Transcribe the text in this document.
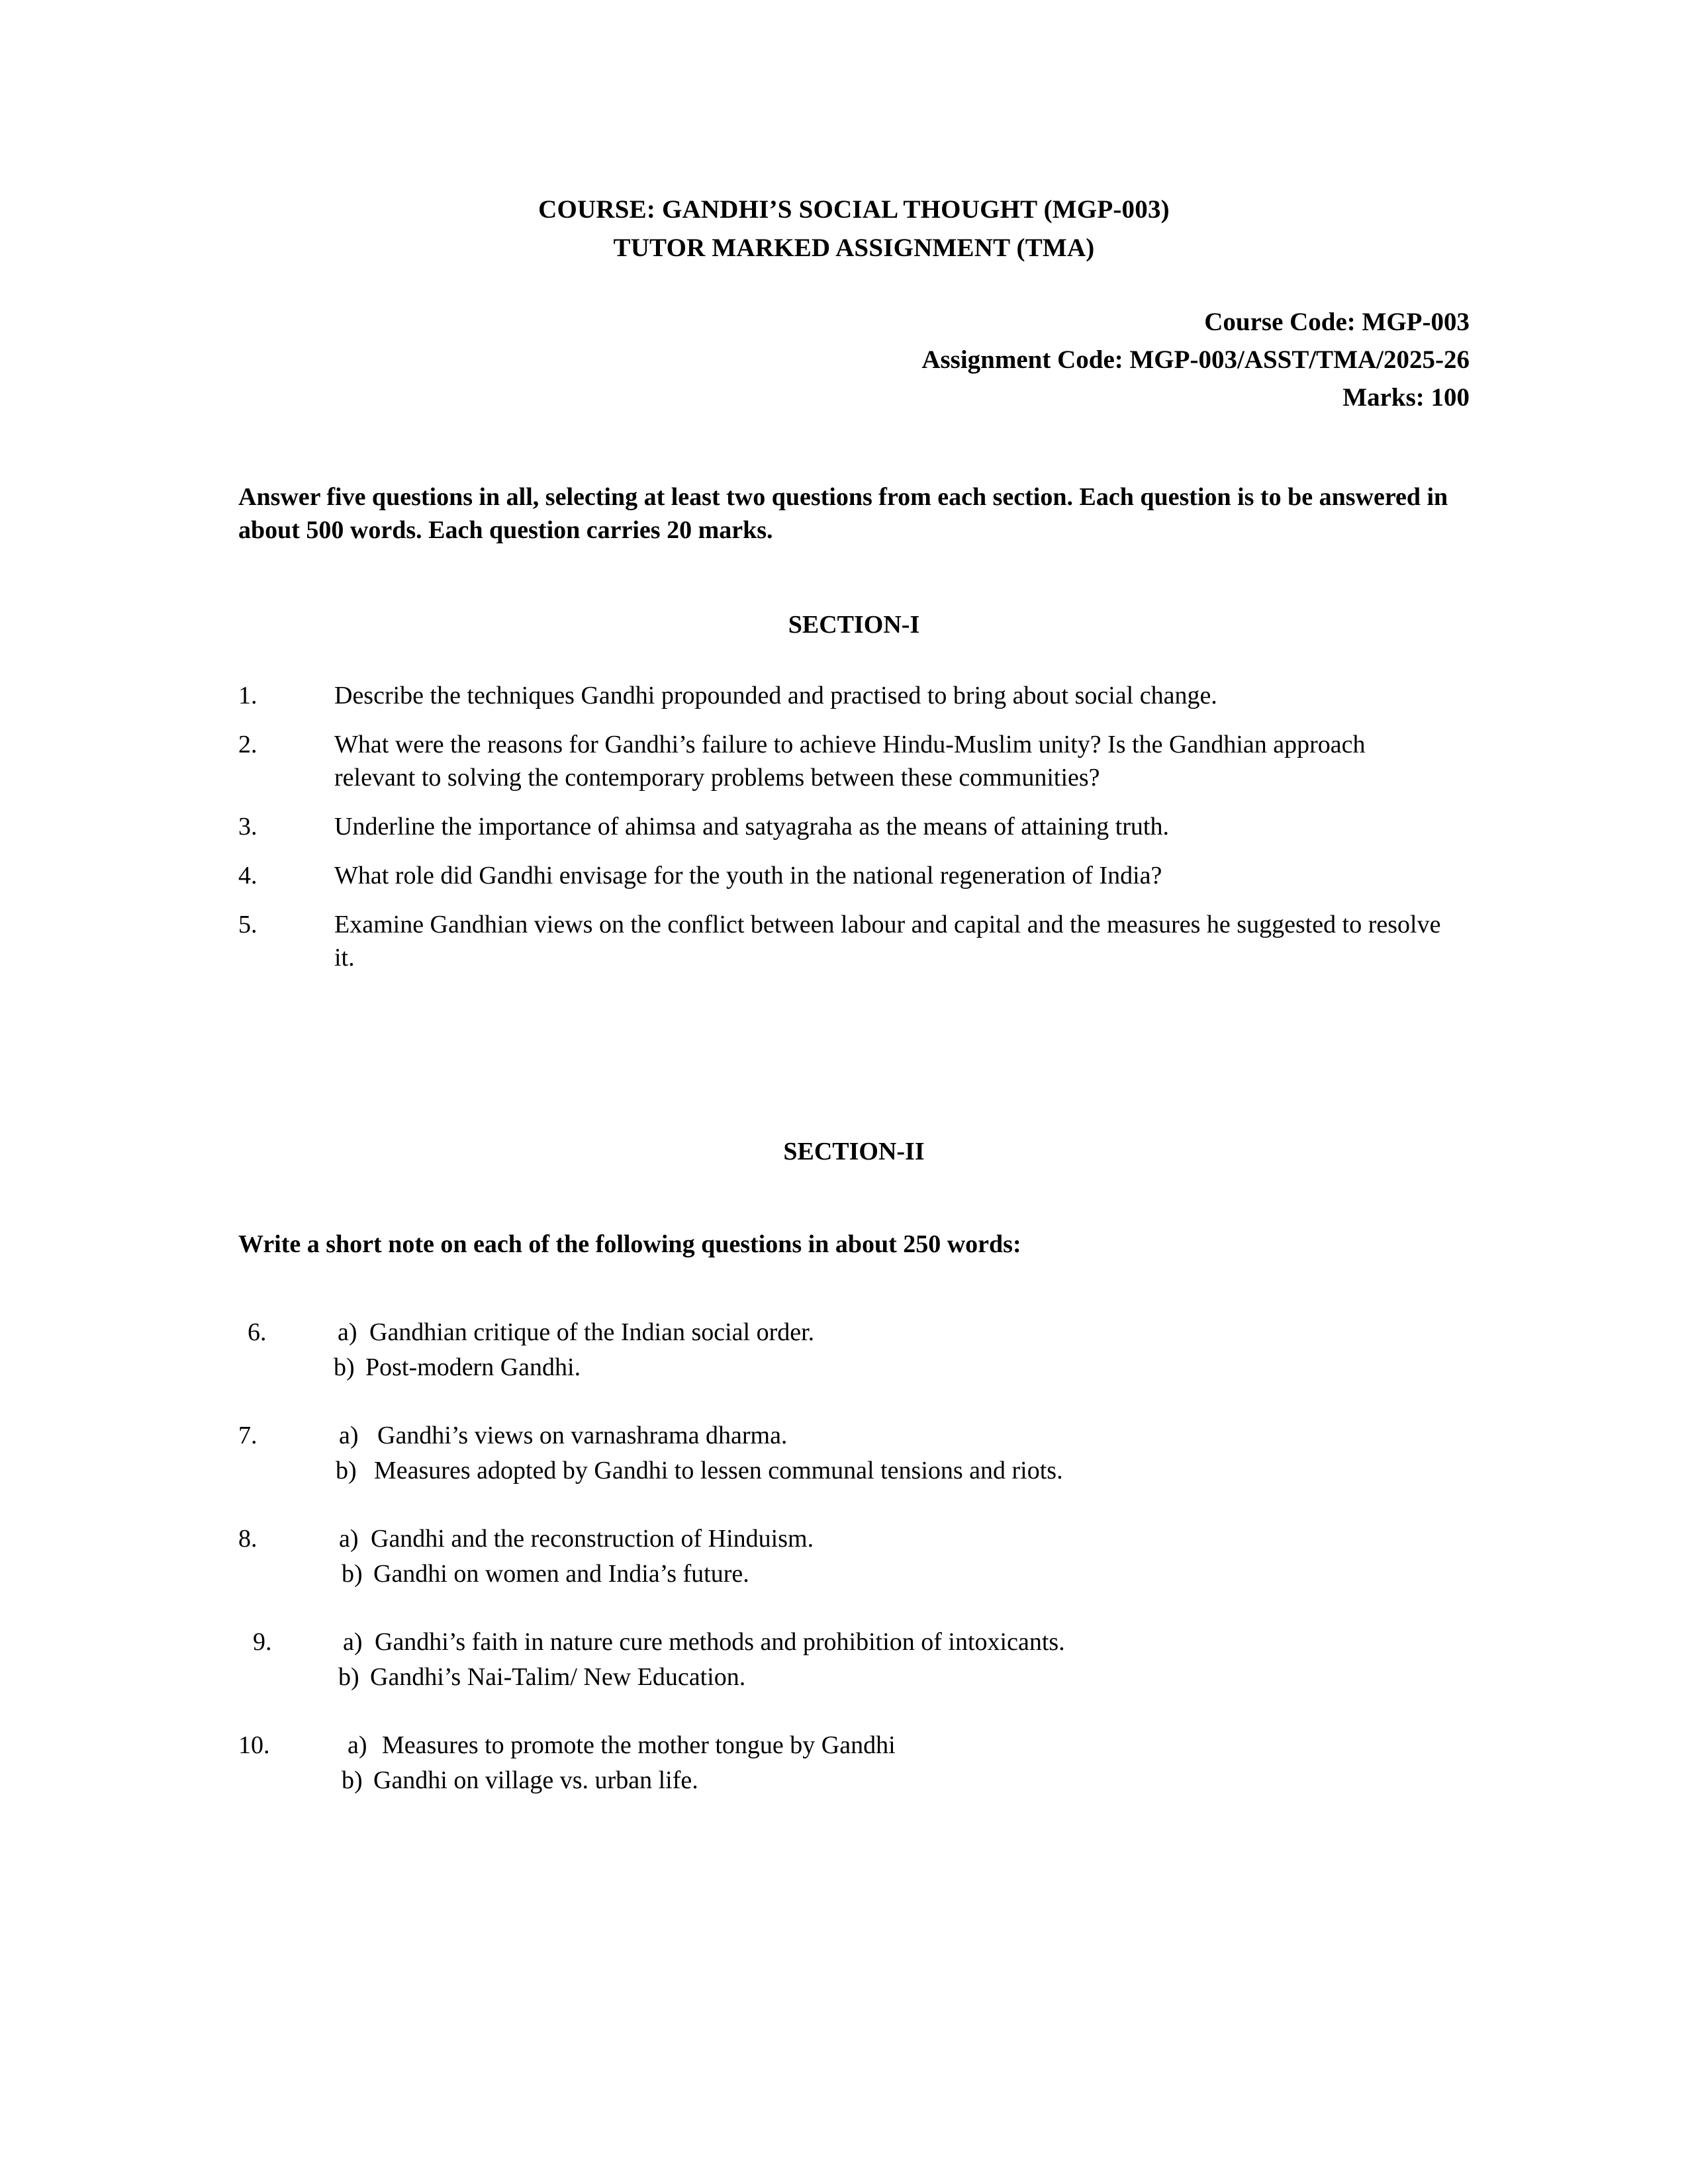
COURSE: GANDHI’S SOCIAL THOUGHT (MGP-003)
TUTOR MARKED ASSIGNMENT (TMA)
Course Code: MGP-003
Assignment Code: MGP-003/ASST/TMA/2025-26
Marks: 100
Answer five questions in all, selecting at least two questions from each section. Each question is to be answered in about 500 words. Each question carries 20 marks.
SECTION-I
1.	Describe the techniques Gandhi propounded and practised to bring about social change.
2.	What were the reasons for Gandhi’s failure to achieve Hindu-Muslim unity? Is the Gandhian approach relevant to solving the contemporary problems between these communities?
3.	Underline the importance of ahimsa and satyagraha as the means of attaining truth.
4.	What role did Gandhi envisage for the youth in the national regeneration of India?
5.	Examine Gandhian views on the conflict between labour and capital and the measures he suggested to resolve it.
SECTION-II
Write a short note on each of the following questions in about 250 words:
6.	a) Gandhian critique of the Indian social order.
b) Post-modern Gandhi.
7.	a) Gandhi’s views on varnashrama dharma.
b) Measures adopted by Gandhi to lessen communal tensions and riots.
8.	a) Gandhi and the reconstruction of Hinduism.
b) Gandhi on women and India’s future.
9.	a) Gandhi’s faith in nature cure methods and prohibition of intoxicants.
b) Gandhi’s Nai-Talim/ New Education.
10.	a) Measures to promote the mother tongue by Gandhi
b) Gandhi on village vs. urban life.
